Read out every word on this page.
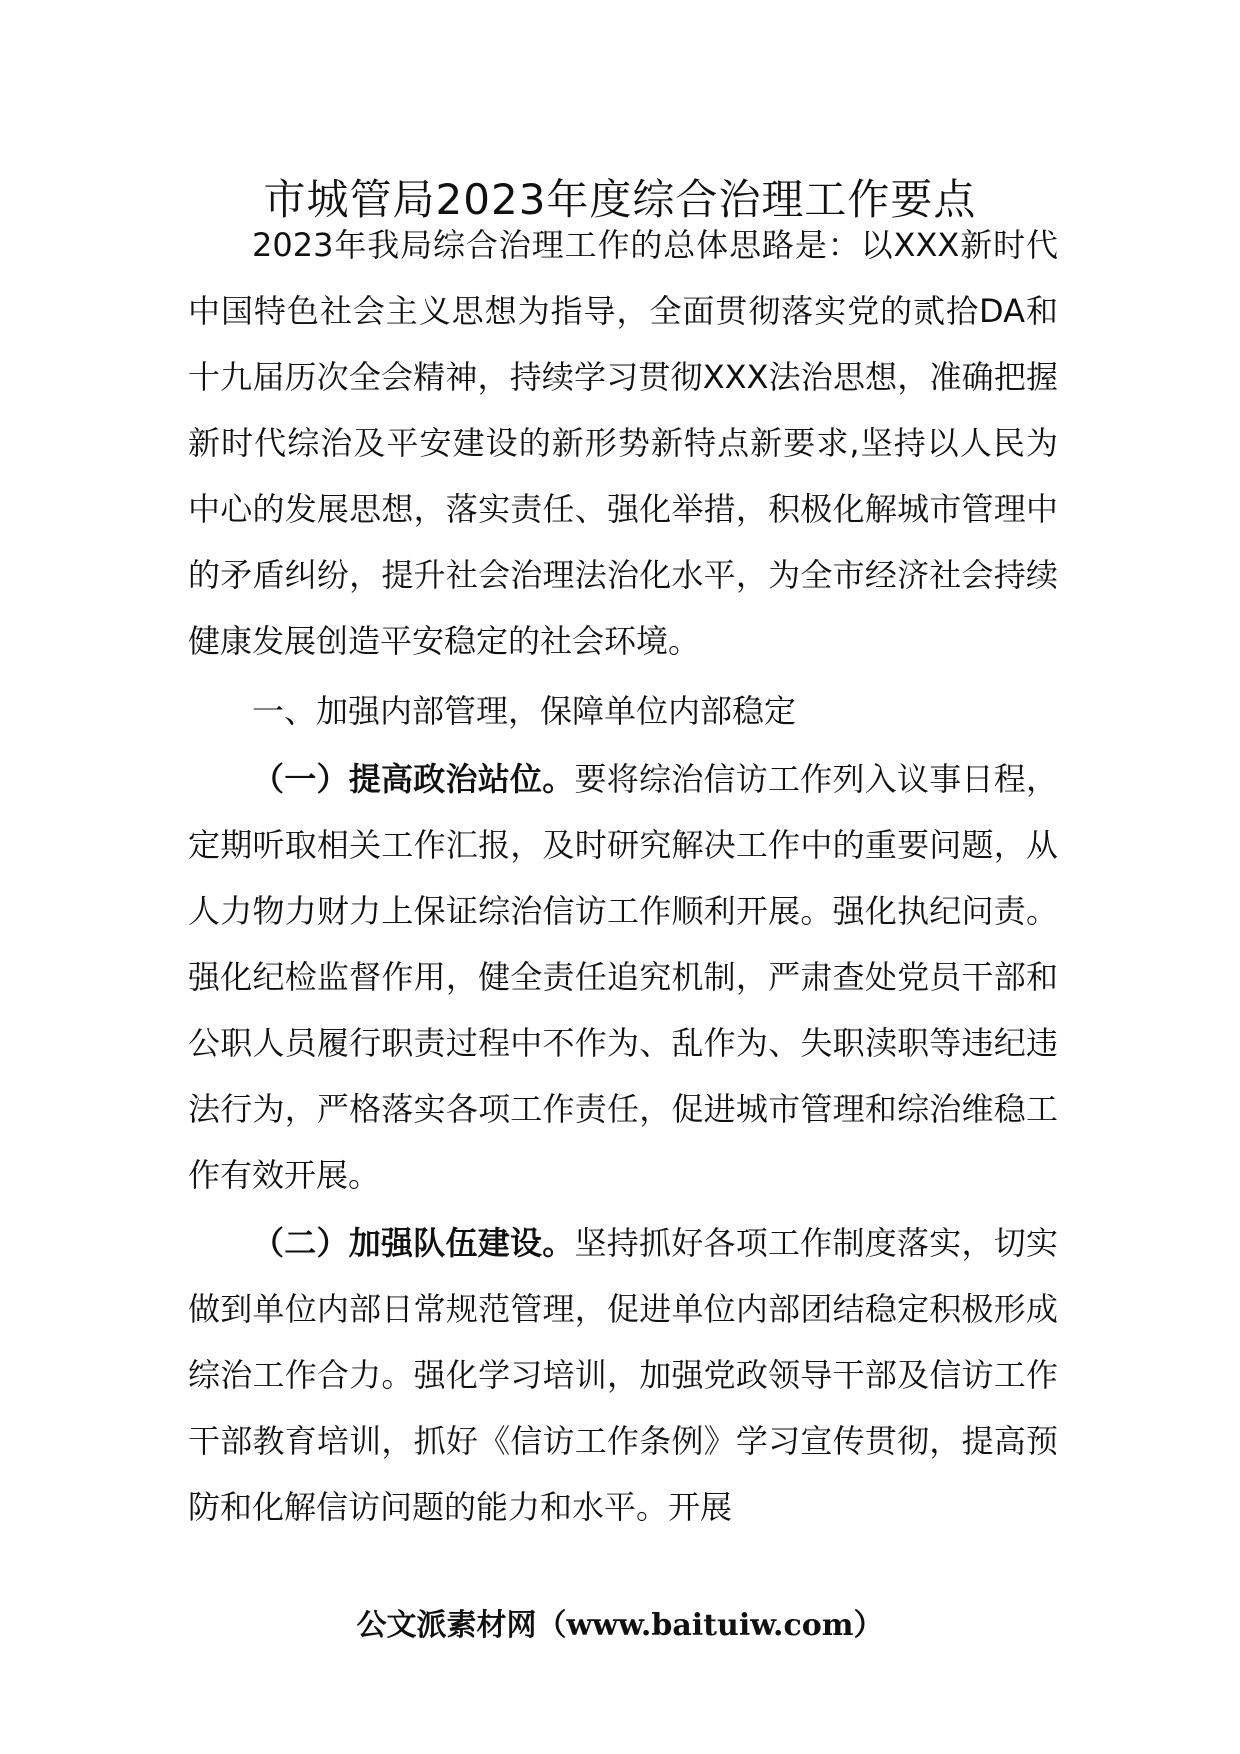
市城管局2023年度综合治理工作要点

2023年我局综合治理工作的总体思路是：以XXX新时代中国特色社会主义思想为指导，全面贯彻落实党的贰拾DA和十九届历次全会精神，持续学习贯彻XXX法治思想，准确把握新时代综治及平安建设的新形势新特点新要求,坚持以人民为中心的发展思想，落实责任、强化举措，积极化解城市管理中的矛盾纠纷，提升社会治理法治化水平，为全市经济社会持续健康发展创造平安稳定的社会环境。

一、加强内部管理，保障单位内部稳定

（一）提高政治站位。要将综治信访工作列入议事日程，定期听取相关工作汇报，及时研究解决工作中的重要问题，从人力物力财力上保证综治信访工作顺利开展。强化执纪问责。强化纪检监督作用，健全责任追究机制，严肃查处党员干部和公职人员履行职责过程中不作为、乱作为、失职渎职等违纪违法行为，严格落实各项工作责任，促进城市管理和综治维稳工作有效开展。

（二）加强队伍建设。坚持抓好各项工作制度落实，切实做到单位内部日常规范管理，促进单位内部团结稳定积极形成综治工作合力。强化学习培训，加强党政领导干部及信访工作干部教育培训，抓好《信访工作条例》学习宣传贯彻，提高预防和化解信访问题的能力和水平。开展

公文派素材网（www.baituiw.com）
